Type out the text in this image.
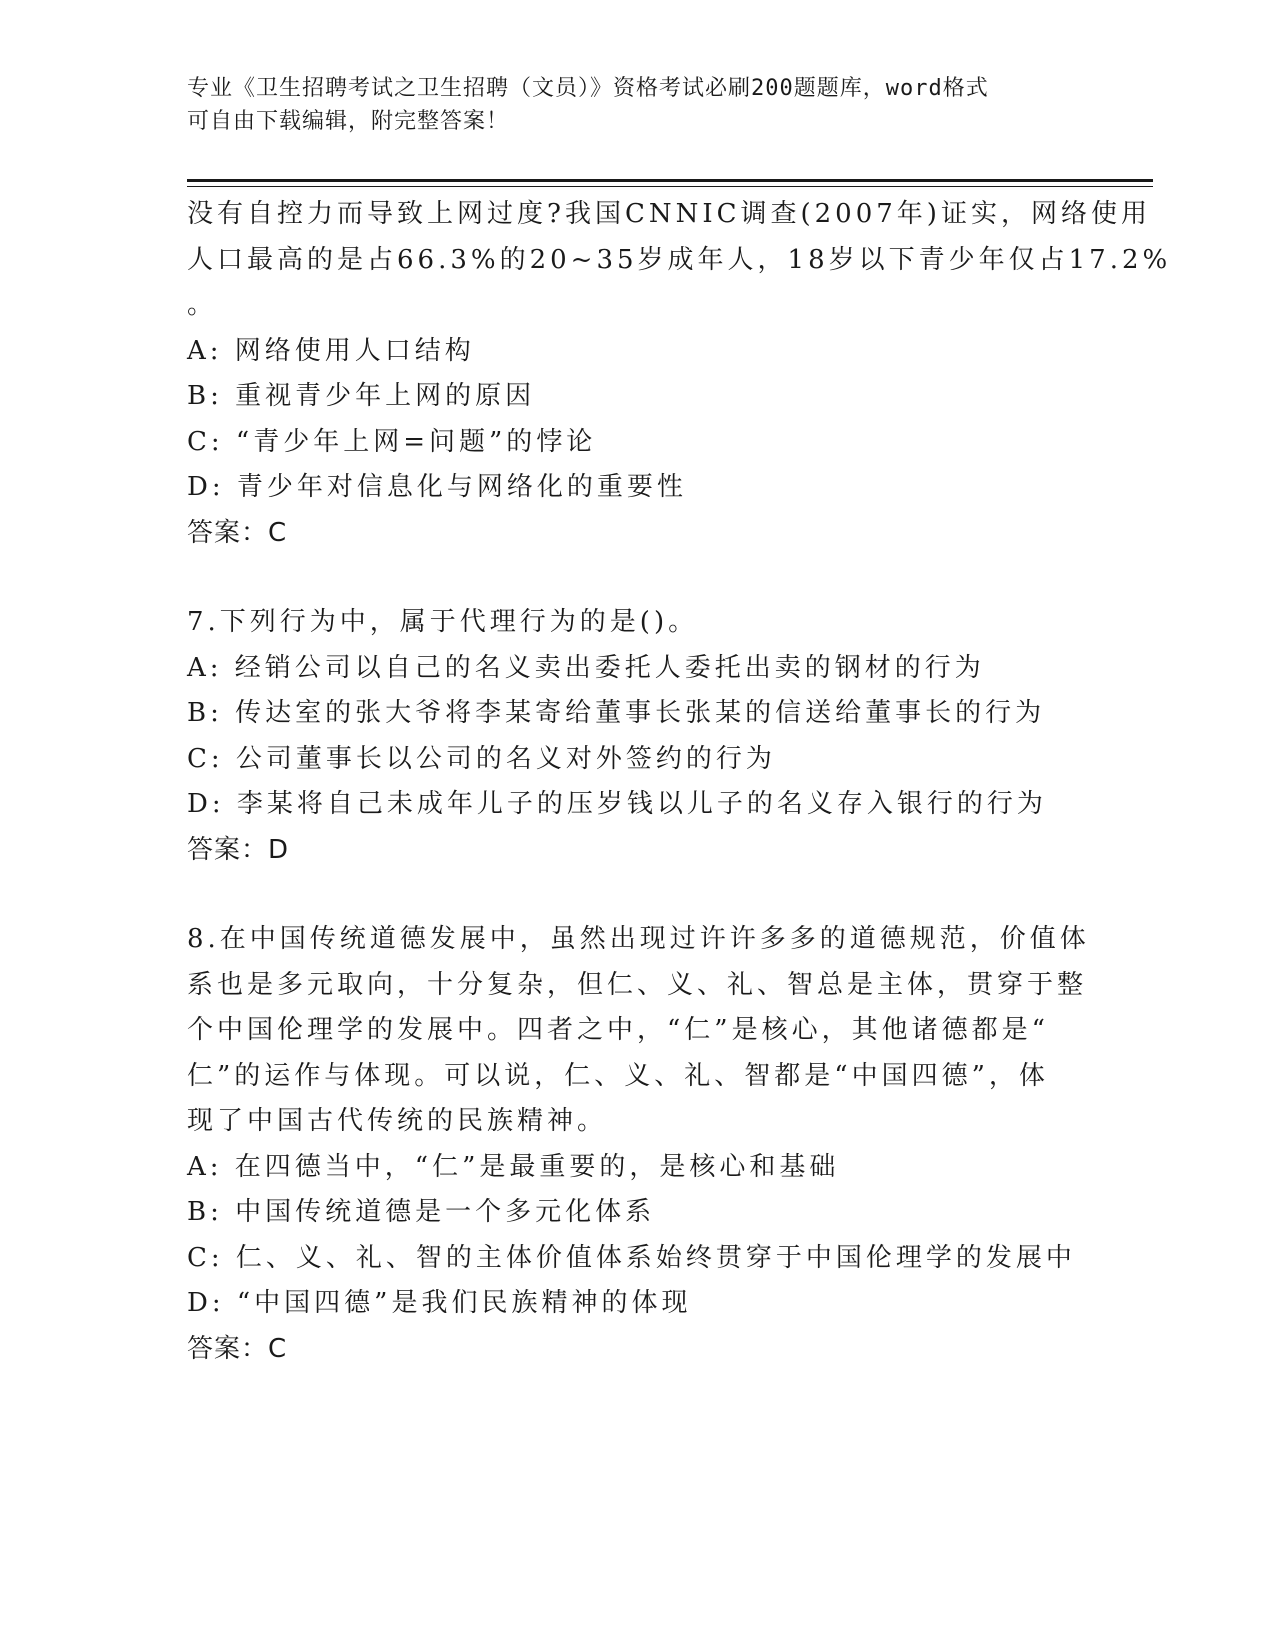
专业《卫生招聘考试之卫生招聘（文员）》资格考试必刷200题题库，word格式
可自由下载编辑，附完整答案！
没有自控力而导致上网过度?我国CNNIC调查(2007年)证实，网络使用
人口最高的是占66.3%的20~35岁成年人，18岁以下青少年仅占17.2%
。
A: 网络使用人口结构
B: 重视青少年上网的原因
C: “青少年上网=问题”的悖论
D: 青少年对信息化与网络化的重要性
答案：C
7.下列行为中，属于代理行为的是()。
A: 经销公司以自己的名义卖出委托人委托出卖的钢材的行为
B: 传达室的张大爷将李某寄给董事长张某的信送给董事长的行为
C: 公司董事长以公司的名义对外签约的行为
D: 李某将自己未成年儿子的压岁钱以儿子的名义存入银行的行为
答案：D
8.在中国传统道德发展中，虽然出现过许许多多的道德规范，价值体
系也是多元取向，十分复杂，但仁、义、礼、智总是主体，贯穿于整
个中国伦理学的发展中。四者之中，“仁”是核心，其他诸德都是“
仁”的运作与体现。可以说，仁、义、礼、智都是“中国四德”，体
现了中国古代传统的民族精神。
A: 在四德当中，“仁”是最重要的，是核心和基础
B: 中国传统道德是一个多元化体系
C: 仁、义、礼、智的主体价值体系始终贯穿于中国伦理学的发展中
D: “中国四德”是我们民族精神的体现
答案：C
